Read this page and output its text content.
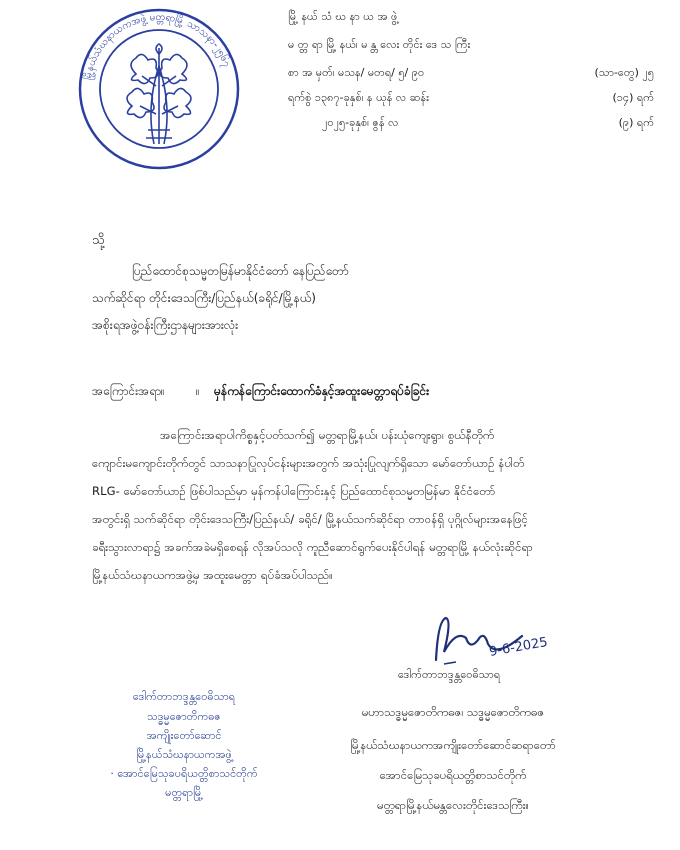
မြို့နယ်သံဃနာယကအဖွဲ့ မတ္တရာမြို့ သာသနာ-၂၅၆၇
မြို့ နယ် သံ ဃ နာ ယ အ ဖွဲ့
မ တ္တ ရာ မြို့ နယ်၊ မ န္တ လေး တိုင်း ဒေ သ ကြီး
စာ အ မှတ်၊ မသန/ မတရ/ ၅/ ၉၀	(သာ-တွေ) ၂၅
ရက်စွဲ ၁၃၈၇-ခုနှစ်၊ န ယုန် လ ဆန်း	(၁၄) ရက်
၂၀၂၅-ခုနှစ်၊ ဇွန် လ	(၉) ရက်
သို့
ပြည်ထောင်စုသမ္မတမြန်မာနိုင်ငံတော် နေပြည်တော်
သက်ဆိုင်ရာ တိုင်းဒေသကြီး/ပြည်နယ်(ခရိုင်/မြို့နယ်)
အစိုးရအဖွဲ့ဝန်းကြီးဌာနများအားလုံး
အကြောင်းအရာ။	။ မှန်ကန်ကြောင်းထောက်ခံနှင့်အထူးမေတ္တာရပ်ခံခြင်း
အကြောင်းအရာပါကိစ္စနှင့်ပတ်သက်၍ မတ္တရာမြို့နယ်၊ ပန်းယုံကျေးရွာ၊ စွယ်နီတိုက်
ကျောင်းမကျောင်းတိုက်တွင် သာသနာပြုလုပ်ငန်းများအတွက် အသုံးပြုလျက်ရှိသော မော်တော်ယာဉ် နံပါတ်
RLG- မော်တော်ယာဉ် ဖြစ်ပါသည်မှာ မှန်ကန်ပါကြောင်းနှင့် ပြည်ထောင်စုသမ္မတမြန်မာ နိုင်ငံတော်
အတွင်းရှိ သက်ဆိုင်ရာ တိုင်းဒေသကြီး/ပြည်နယ်/ ခရိုင်/ မြို့နယ်သက်ဆိုင်ရာ တာဝန်ရှိ ပုဂ္ဂိုလ်များအနေဖြင့်
ခရီးသွားလာရာ၌ အခက်အခဲမရှိစေရန် လိုအပ်သလို ကူညီဆောင်ရွက်ပေးနိုင်ပါရန် မတ္တရာမြို့ နယ်လုံးဆိုင်ရာ
မြို့နယ်သံဃနာယကအဖွဲ့မှ အထူးမေတ္တာ ရပ်ခံအပ်ပါသည်။
9-6-2025
ဒေါက်တာဘဒ္ဒန္တဝေဓိသာရ
ဒေါက်တာဘဒ္ဒန္တဝေဓိသာရ
သဒ္ဓမ္မဇောတိကဓဇ
အကျိုးတော်ဆောင်
မြို့နယ်သံဃနာယကအဖွဲ့
· အောင်မြေသုခပရိယတ္တိစာသင်တိုက်
မတ္တရာမြို့
မဟာသဒ္ဓမ္မဇောတိကဓဇ၊ သဒ္ဓမ္မဇောတိကဓဇ
မြို့နယ်သံဃနာယကအကျိုးတော်ဆောင်ဆရာတော်
အောင်မြေသုခပရိယတ္တိစာသင်တိုက်
မတ္တရာမြို့နယ်မန္တလေးတိုင်းဒေသကြီး။
